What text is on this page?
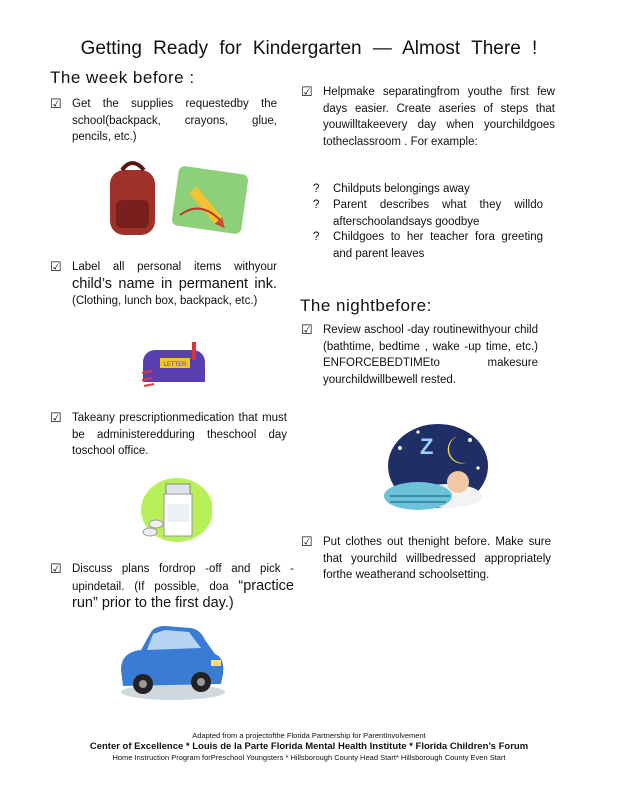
Getting Ready for Kindergarten — Almost There !
The week before :
☑ Get the supplies requestedby the school(backpack, crayons, glue, pencils, etc.)
☑ Label all personal items withyour child’s name in permanent ink. (Clothing, lunch box, backpack, etc.)
LETTER
☑ Takeany prescriptionmedication that must be administeredduring theschool day toschool office.
☑ Discuss plans fordrop -off and pick -upindetail. (If possible, doa “practice run” prior to the first day.)
☑ Helpmake separatingfrom youthe first few days easier. Create aseries of steps that youwilltakeevery day when yourchildgoes totheclassroom . For example:
? Childputs belongings away
? Parent describes what they willdo afterschoolandsays goodbye
? Childgoes to her teacher fora greeting and parent leaves
The nightbefore:
☑ Review aschool -day routinewithyour child (bathtime, bedtime , wake -up time, etc.) ENFORCEBEDTIMEto makesure yourchildwillbewell rested.
Z
☑ Put clothes out thenight before. Make sure that yourchild willbedressed appropriately forthe weatherand schoolsetting.
Adapted from a projectofthe Florida Partnership for ParentInvolvement
Center of Excellence * Louis de la Parte Florida Mental Health Institute * Florida Children’s Forum
Home Instruction Program forPreschool Youngsters * Hillsborough County Head Start* Hillsborough County Even Start
